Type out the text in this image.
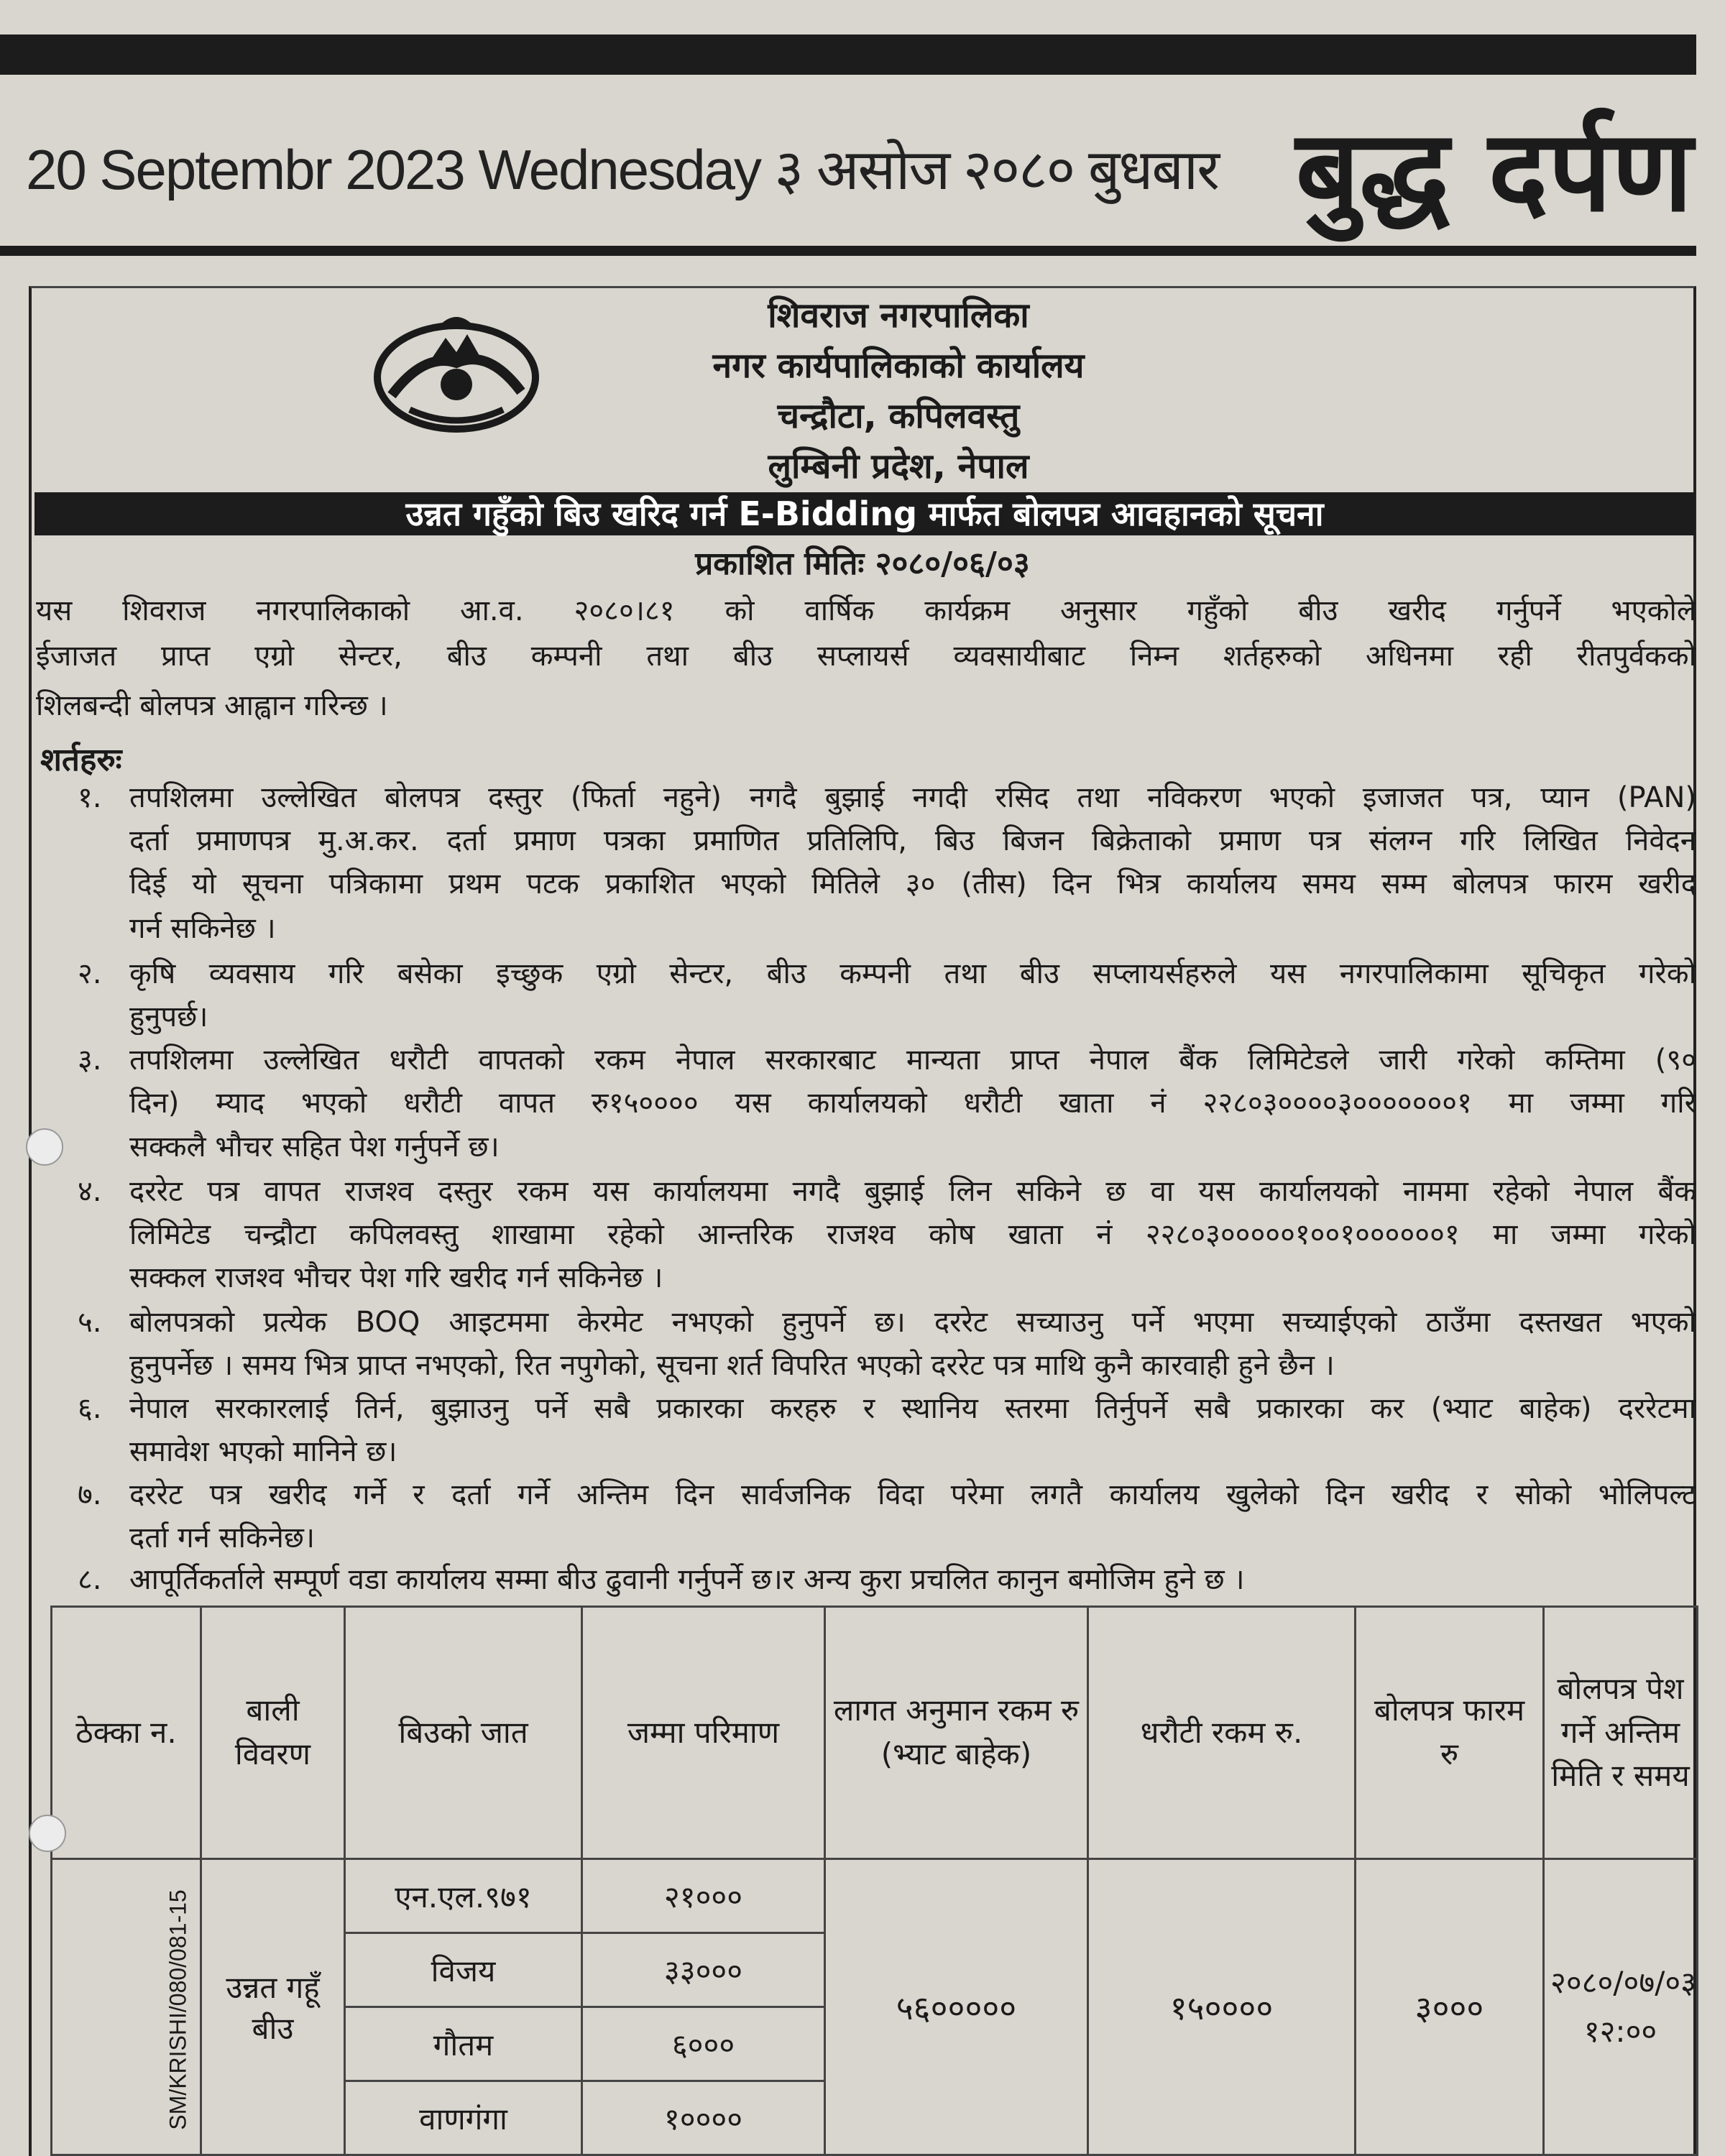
20 Septembr 2023 Wednesday ३ असोज २०८० बुधबार बुद्ध दर्पण
शिवराज नगरपालिका
नगर कार्यपालिकाको कार्यालय
चन्द्रौटा, कपिलवस्तु
लुम्बिनी प्रदेश, नेपाल
उन्नत गहुँको बिउ खरिद गर्न E-Bidding मार्फत बोलपत्र आवहानको सूचना
प्रकाशित मितिः २०८०/०६/०३
यस शिवराज नगरपालिकाको आ.व. २०८०।८१ को वार्षिक कार्यक्रम अनुसार गहुँको बीउ खरीद गर्नुपर्ने भएकोले
ईजाजत प्राप्त एग्रो सेन्टर, बीउ कम्पनी तथा बीउ सप्लायर्स व्यवसायीबाट निम्न शर्तहरुको अधिनमा रही रीतपुर्वकको
शिलबन्दी बोलपत्र आह्वान गरिन्छ ।
शर्तहरुः
१. तपशिलमा उल्लेखित बोलपत्र दस्तुर (फिर्ता नहुने) नगदै बुझाई नगदी रसिद तथा नविकरण भएको इजाजत पत्र, प्यान (PAN)
दर्ता प्रमाणपत्र मु.अ.कर. दर्ता प्रमाण पत्रका प्रमाणित प्रतिलिपि, बिउ बिजन बिक्रेताको प्रमाण पत्र संलग्न गरि लिखित निवेदन
दिई यो सूचना पत्रिकामा प्रथम पटक प्रकाशित भएको मितिले ३० (तीस) दिन भित्र कार्यालय समय सम्म बोलपत्र फारम खरीद
गर्न सकिनेछ ।
२. कृषि व्यवसाय गरि बसेका इच्छुक एग्रो सेन्टर, बीउ कम्पनी तथा बीउ सप्लायर्सहरुले यस नगरपालिकामा सूचिकृत गरेको
हुनुपर्छ।
३. तपशिलमा उल्लेखित धरौटी वापतको रकम नेपाल सरकारबाट मान्यता प्राप्त नेपाल बैंक लिमिटेडले जारी गरेको कम्तिमा (९०
दिन) म्याद भएको धरौटी वापत रु१५०००० यस कार्यालयको धरौटी खाता नं २२८०३००००३०००००००१ मा जम्मा गरि
सक्कलै भौचर सहित पेश गर्नुपर्ने छ।
४. दररेट पत्र वापत राजश्व दस्तुर रकम यस कार्यालयमा नगदै बुझाई लिन सकिने छ वा यस कार्यालयको नाममा रहेको नेपाल बैंक
लिमिटेड चन्द्रौटा कपिलवस्तु शाखामा रहेको आन्तरिक राजश्व कोष खाता नं २२८०३०००००१००१००००००१ मा जम्मा गरेको
सक्कल राजश्व भौचर पेश गरि खरीद गर्न सकिनेछ ।
५. बोलपत्रको प्रत्येक BOQ आइटममा केरमेट नभएको हुनुपर्ने छ। दररेट सच्याउनु पर्ने भएमा सच्याईएको ठाउँमा दस्तखत भएको
हुनुपर्नेछ । समय भित्र प्राप्त नभएको, रित नपुगेको, सूचना शर्त विपरित भएको दररेट पत्र माथि कुनै कारवाही हुने छैन ।
६. नेपाल सरकारलाई तिर्न, बुझाउनु पर्ने सबै प्रकारका करहरु र स्थानिय स्तरमा तिर्नुपर्ने सबै प्रकारका कर (भ्याट बाहेक) दररेटमा
समावेश भएको मानिने छ।
७. दररेट पत्र खरीद गर्ने र दर्ता गर्ने अन्तिम दिन सार्वजनिक विदा परेमा लगतै कार्यालय खुलेको दिन खरीद र सोको भोलिपल्ट
दर्ता गर्न सकिनेछ।
८. आपूर्तिकर्ताले सम्पूर्ण वडा कार्यालय सम्मा बीउ ढुवानी गर्नुपर्ने छ।र अन्य कुरा प्रचलित कानुन बमोजिम हुने छ ।
ठेक्का न.	बाली विवरण	बिउको जात	जम्मा परिमाण	लागत अनुमान रकम रु (भ्याट बाहेक)	धरौटी रकम रु.	बोलपत्र फारम रु	बोलपत्र पेश गर्ने अन्तिम मिति र समय
SM/KRISHI/080/081-15	उन्नत गहूँ बीउ	एन.एल.९७१	२१०००	५६०००००	१५००००	३०००	२०८०/०७/०३ १२:००
		विजय	३३०००				
		गौतम	६०००				
		वाणगंगा	१००००				
